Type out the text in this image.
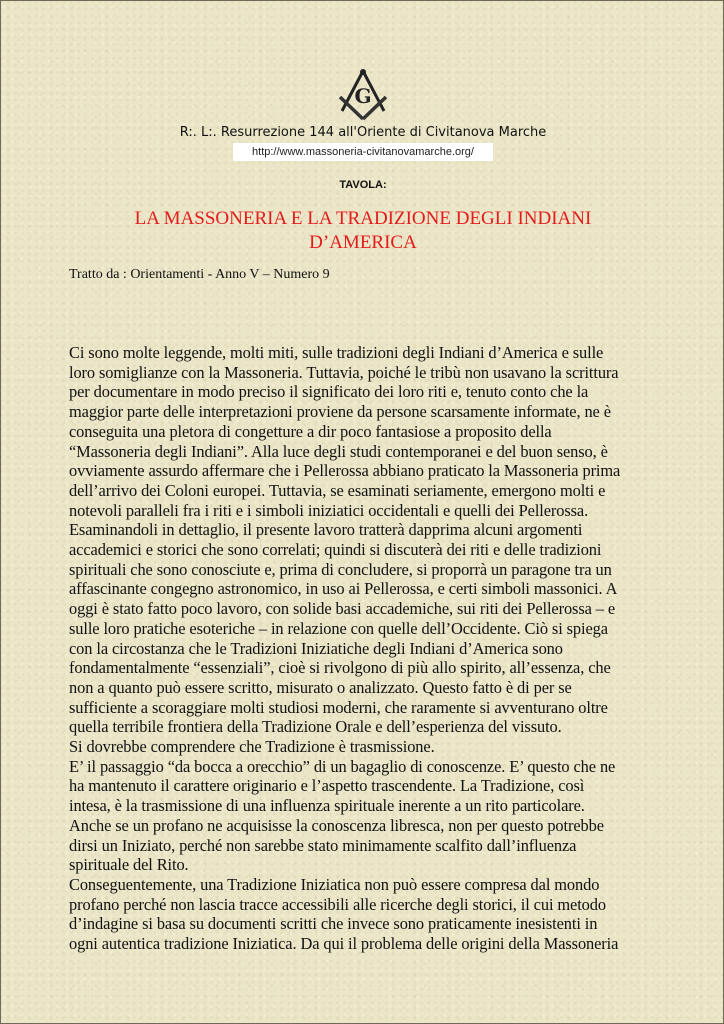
G
R:. L:. Resurrezione 144 all'Oriente di Civitanova Marche
http://www.massoneria-civitanovamarche.org/
TAVOLA:
LA MASSONERIA E LA TRADIZIONE DEGLI INDIANI
D’AMERICA
Tratto da : Orientamenti - Anno V – Numero 9
Ci sono molte leggende, molti miti, sulle tradizioni degli Indiani d’America e sulle
loro somiglianze con la Massoneria. Tuttavia, poiché le tribù non usavano la scrittura
per documentare in modo preciso il significato dei loro riti e, tenuto conto che la
maggior parte delle interpretazioni proviene da persone scarsamente informate, ne è
conseguita una pletora di congetture a dir poco fantasiose a proposito della
“Massoneria degli Indiani”. Alla luce degli studi contemporanei e del buon senso, è
ovviamente assurdo affermare che i Pellerossa abbiano praticato la Massoneria prima
dell’arrivo dei Coloni europei. Tuttavia, se esaminati seriamente, emergono molti e
notevoli paralleli fra i riti e i simboli iniziatici occidentali e quelli dei Pellerossa.
Esaminandoli in dettaglio, il presente lavoro tratterà dapprima alcuni argomenti
accademici e storici che sono correlati; quindi si discuterà dei riti e delle tradizioni
spirituali che sono conosciute e, prima di concludere, si proporrà un paragone tra un
affascinante congegno astronomico, in uso ai Pellerossa, e certi simboli massonici. A
oggi è stato fatto poco lavoro, con solide basi accademiche, sui riti dei Pellerossa – e
sulle loro pratiche esoteriche – in relazione con quelle dell’Occidente. Ciò si spiega
con la circostanza che le Tradizioni Iniziatiche degli Indiani d’America sono
fondamentalmente “essenziali”, cioè si rivolgono di più allo spirito, all’essenza, che
non a quanto può essere scritto, misurato o analizzato. Questo fatto è di per se
sufficiente a scoraggiare molti studiosi moderni, che raramente si avventurano oltre
quella terribile frontiera della Tradizione Orale e dell’esperienza del vissuto.
Si dovrebbe comprendere che Tradizione è trasmissione.
E’ il passaggio “da bocca a orecchio” di un bagaglio di conoscenze. E’ questo che ne
ha mantenuto il carattere originario e l’aspetto trascendente. La Tradizione, così
intesa, è la trasmissione di una influenza spirituale inerente a un rito particolare.
Anche se un profano ne acquisisse la conoscenza libresca, non per questo potrebbe
dirsi un Iniziato, perché non sarebbe stato minimamente scalfito dall’influenza
spirituale del Rito.
Conseguentemente, una Tradizione Iniziatica non può essere compresa dal mondo
profano perché non lascia tracce accessibili alle ricerche degli storici, il cui metodo
d’indagine si basa su documenti scritti che invece sono praticamente inesistenti in
ogni autentica tradizione Iniziatica. Da qui il problema delle origini della Massoneria
